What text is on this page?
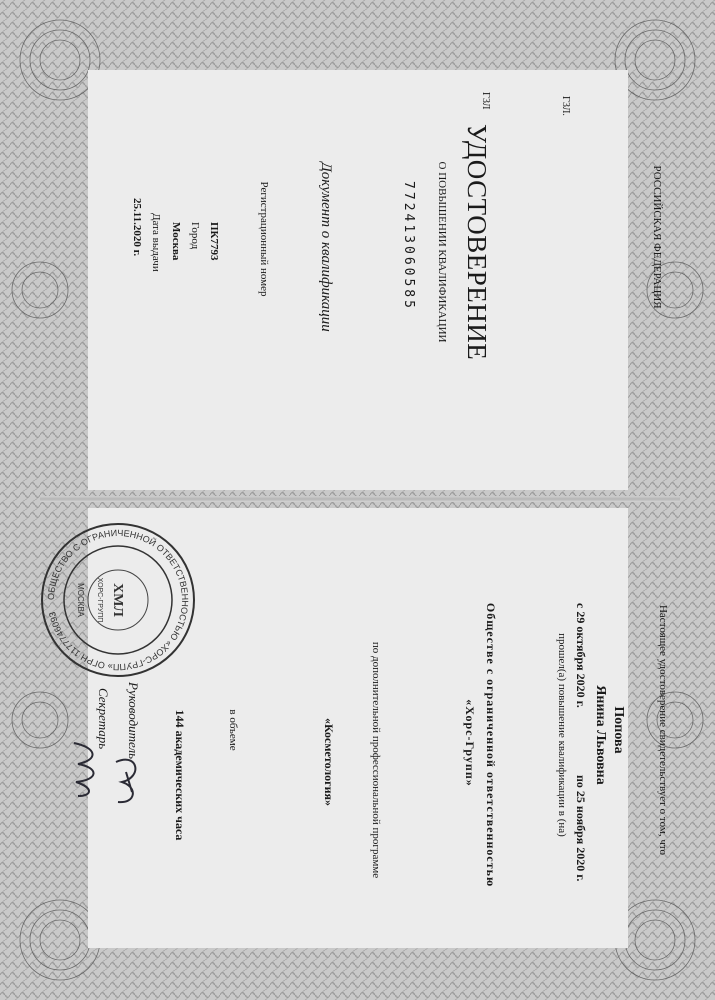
РОССИЙСКАЯ ФЕДЕРАЦИЯ
ГЗЛ.
ГЗЛ
УДОСТОВЕРЕНИЕ
О ПОВЫШЕНИИ КВАЛИФИКАЦИИ
772413060585
Документ о квалификации
Регистрационный номер
ПК7793
Город
Москва
Дата выдачи
25.11.2020 г.
Настоящее удостоверение свидетельствует о том, что
Попова
Янина Львовна
с 29 октября 2020 г.
по 25 ноября 2020 г.
прошел(а) повышение квалификации в (на)
Обществе с ограниченной ответственностью
«Хорс-Групп»
по дополнительной профессиональной программе
«Косметология»
в объеме
144 академических часа
Руководитель
Секретарь
ОБЩЕСТВО С ОГРАНИЧЕННОЙ ОТВЕТСТВЕННОСТЬЮ «ХОРС-ГРУПП» ОГРН 1177746093	ХМЛ
ХОРС-ГРУПП
МОСКВА
